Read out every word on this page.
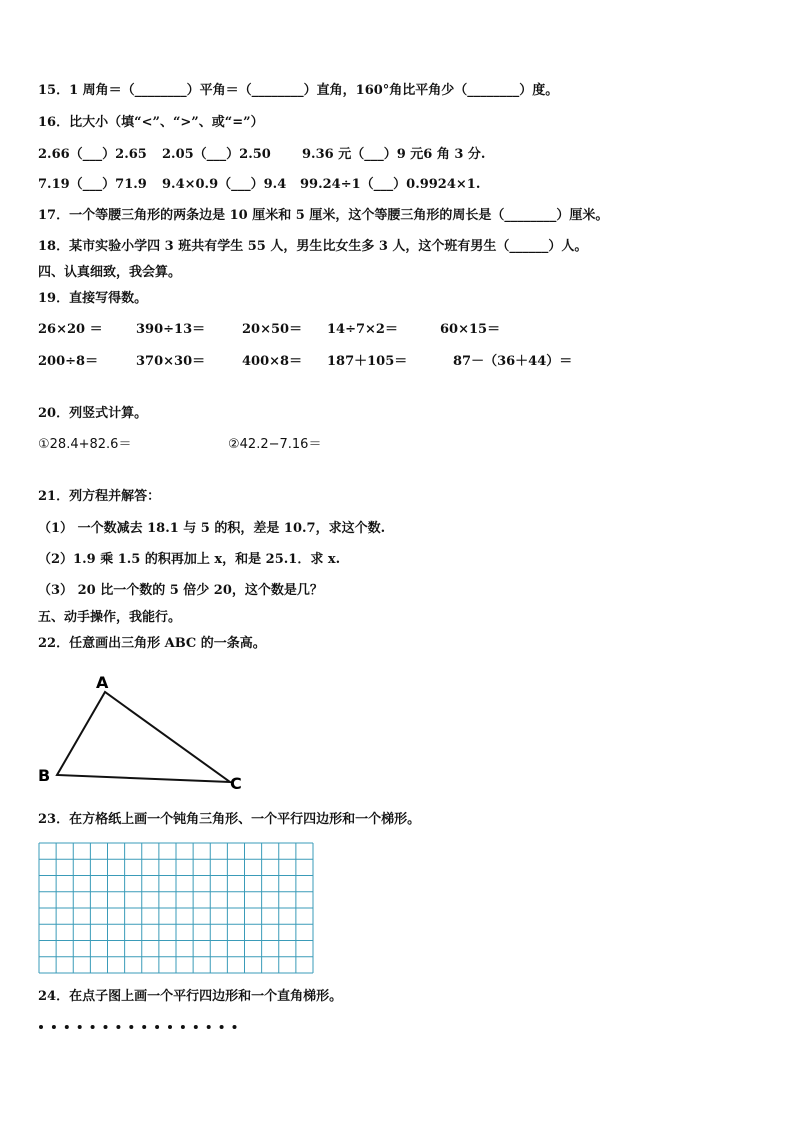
15．1 周角＝（________）平角＝（________）直角，160°角比平角少（________）度。
16．比大小（填“<”、“>”、或“=”）
2.66（___）2.65 2.05（___）2.50 9.36 元（___）9 元6 角 3 分.
7.19（___）71.9 9.4×0.9（___）9.4 99.24÷1（___）0.9924×1.
17．一个等腰三角形的两条边是 10 厘米和 5 厘米，这个等腰三角形的周长是（________）厘米。
18．某市实验小学四 3 班共有学生 55 人，男生比女生多 3 人，这个班有男生（______）人。
四、认真细致，我会算。
19．直接写得数。
26×20 ＝	390÷13＝	20×50＝ 14÷7×2＝	60×15＝
200÷8＝	370×30＝	400×8＝ 187＋105＝	87－（36＋44）＝
20．列竖式计算。
①28.4+82.6＝	②42.2−7.16＝
21．列方程并解答：
（1） 一个数减去 18.1 与 5 的积，差是 10.7，求这个数.
（2）1.9 乘 1.5 的积再加上 x，和是 25.1．求 x.
（3） 20 比一个数的 5 倍少 20，这个数是几？
五、动手操作，我能行。
22．任意画出三角形 ABC 的一条高。
A
B	C
23．在方格纸上画一个钝角三角形、一个平行四边形和一个梯形。
24．在点子图上画一个平行四边形和一个直角梯形。
